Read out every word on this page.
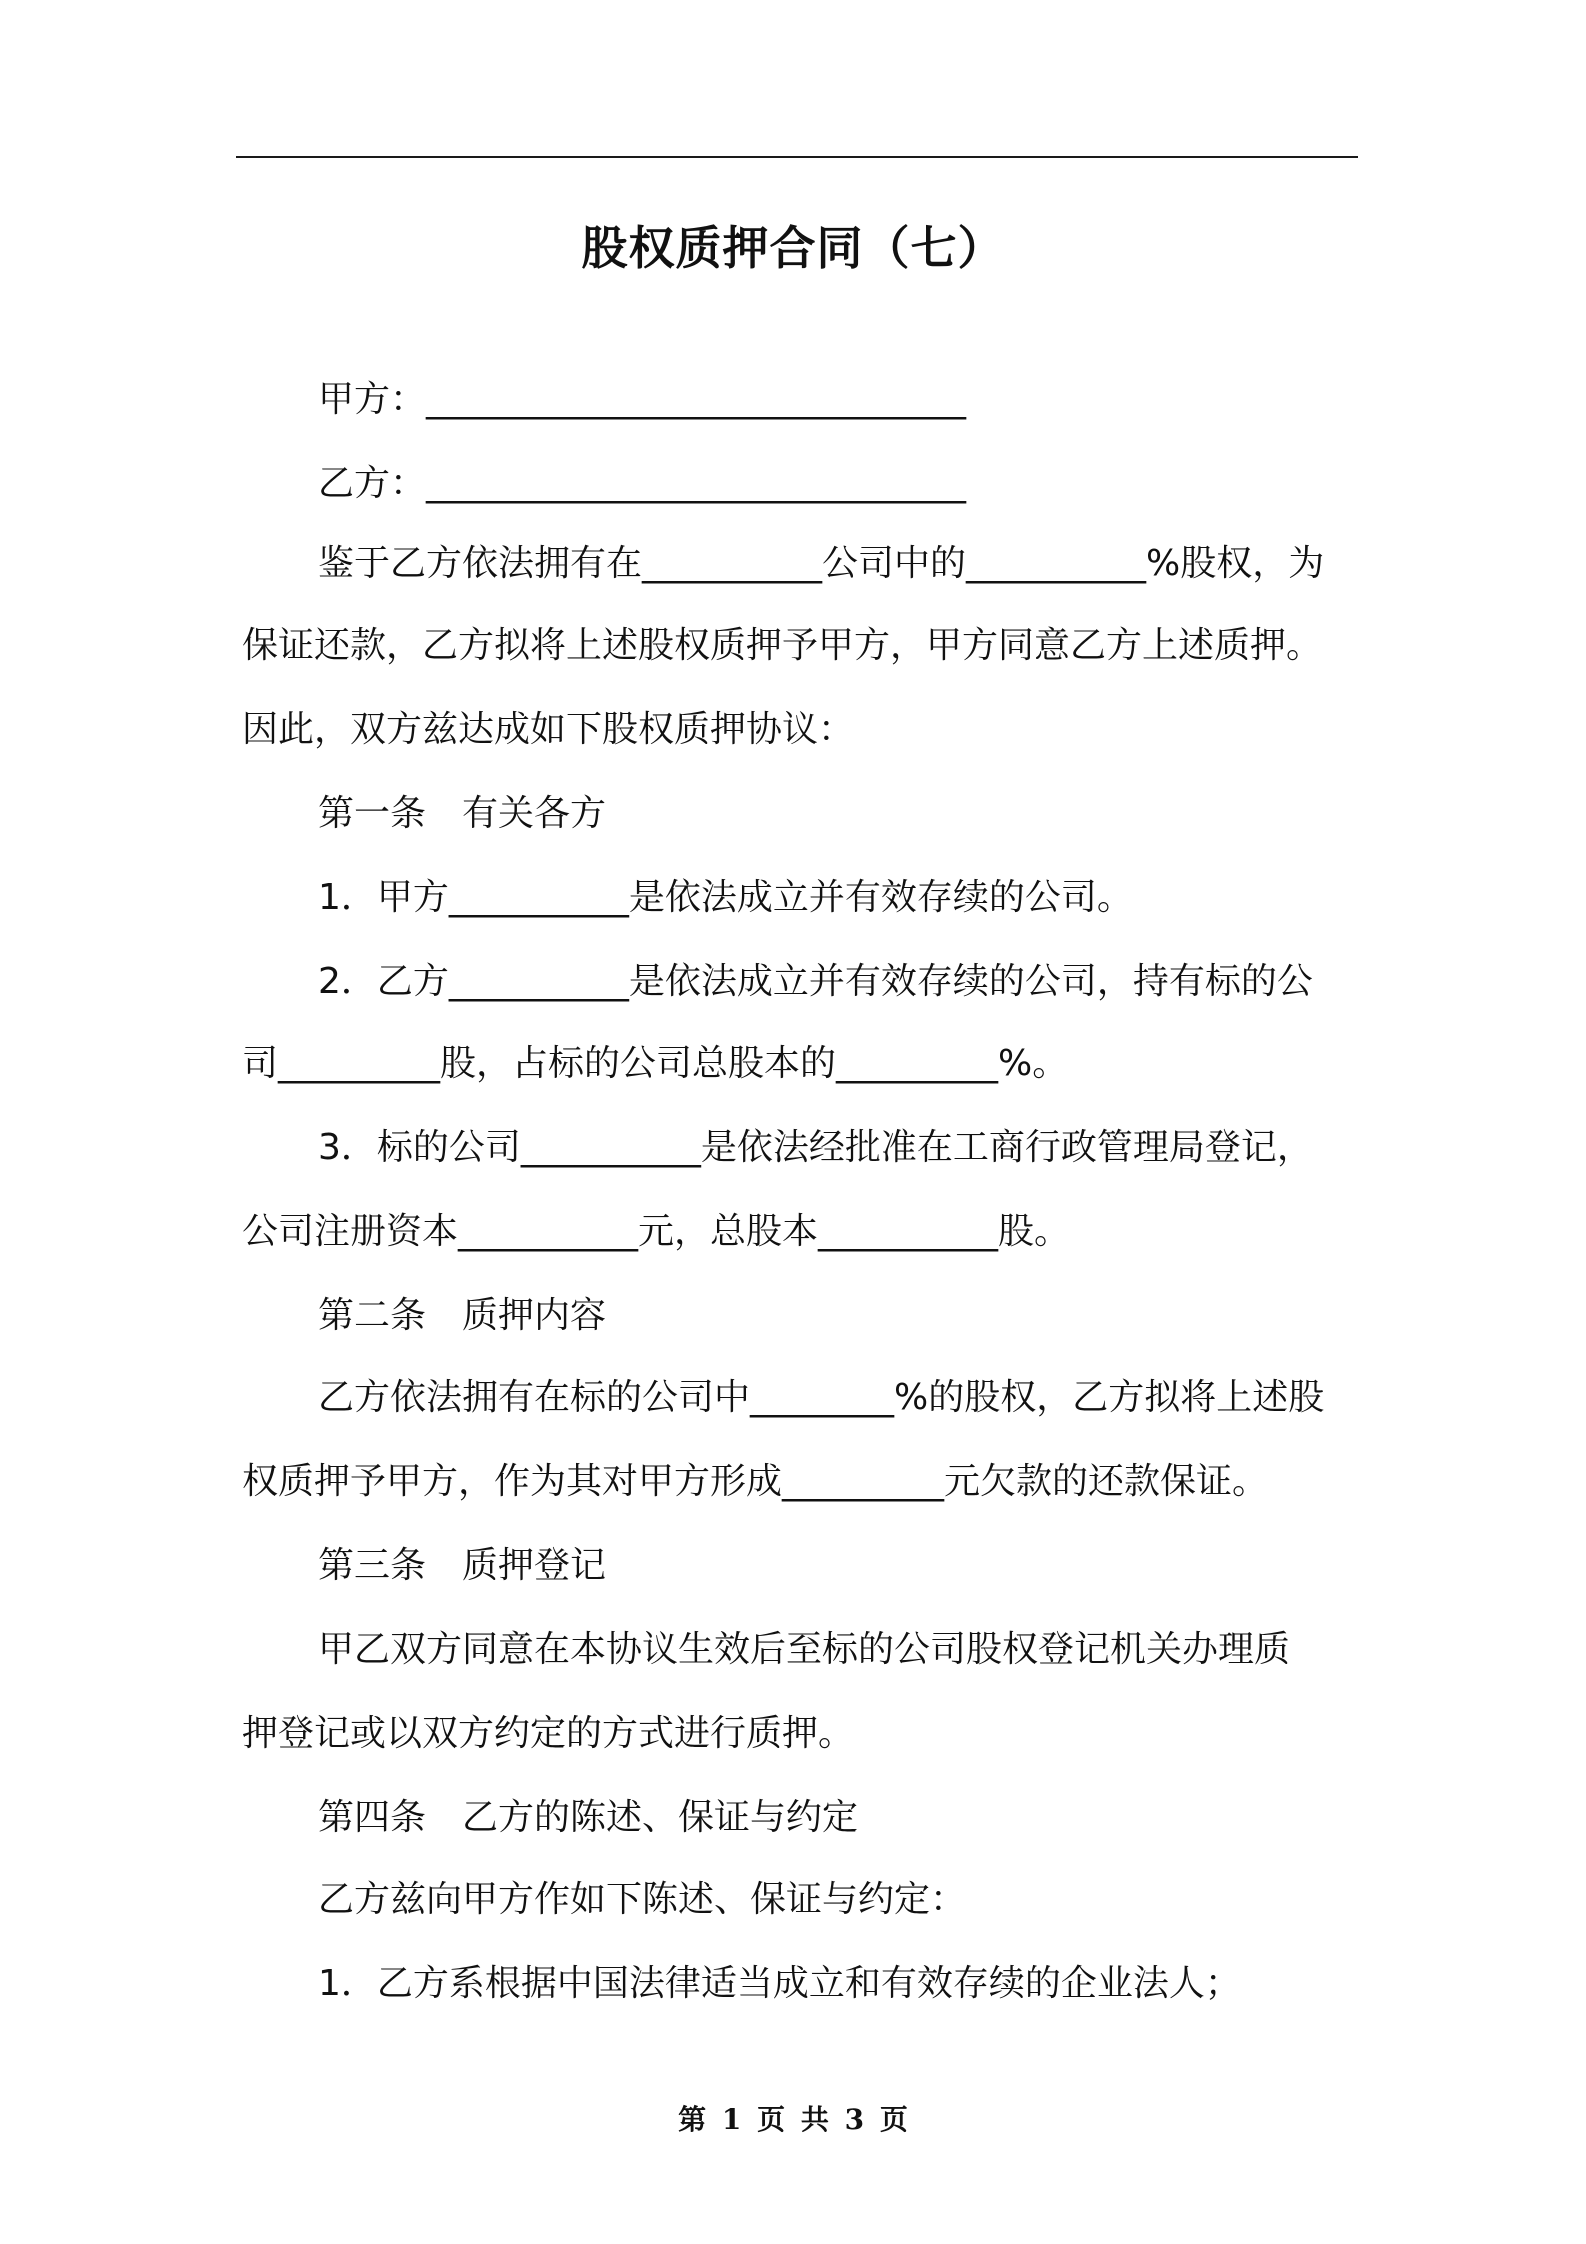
股权质押合同（七）
甲方：______________________________
乙方：______________________________
鉴于乙方依法拥有在__________公司中的__________%股权，为
保证还款，乙方拟将上述股权质押予甲方，甲方同意乙方上述质押。
因此，双方兹达成如下股权质押协议：
第一条　有关各方
1．甲方__________是依法成立并有效存续的公司。
2．乙方__________是依法成立并有效存续的公司，持有标的公
司_________股，占标的公司总股本的_________%。
3．标的公司__________是依法经批准在工商行政管理局登记，
公司注册资本__________元，总股本__________股。
第二条　质押内容
乙方依法拥有在标的公司中________%的股权，乙方拟将上述股
权质押予甲方，作为其对甲方形成_________元欠款的还款保证。
第三条　质押登记
甲乙双方同意在本协议生效后至标的公司股权登记机关办理质
押登记或以双方约定的方式进行质押。
第四条　乙方的陈述、保证与约定
乙方兹向甲方作如下陈述、保证与约定：
1．乙方系根据中国法律适当成立和有效存续的企业法人；
第 1 页 共 3 页
